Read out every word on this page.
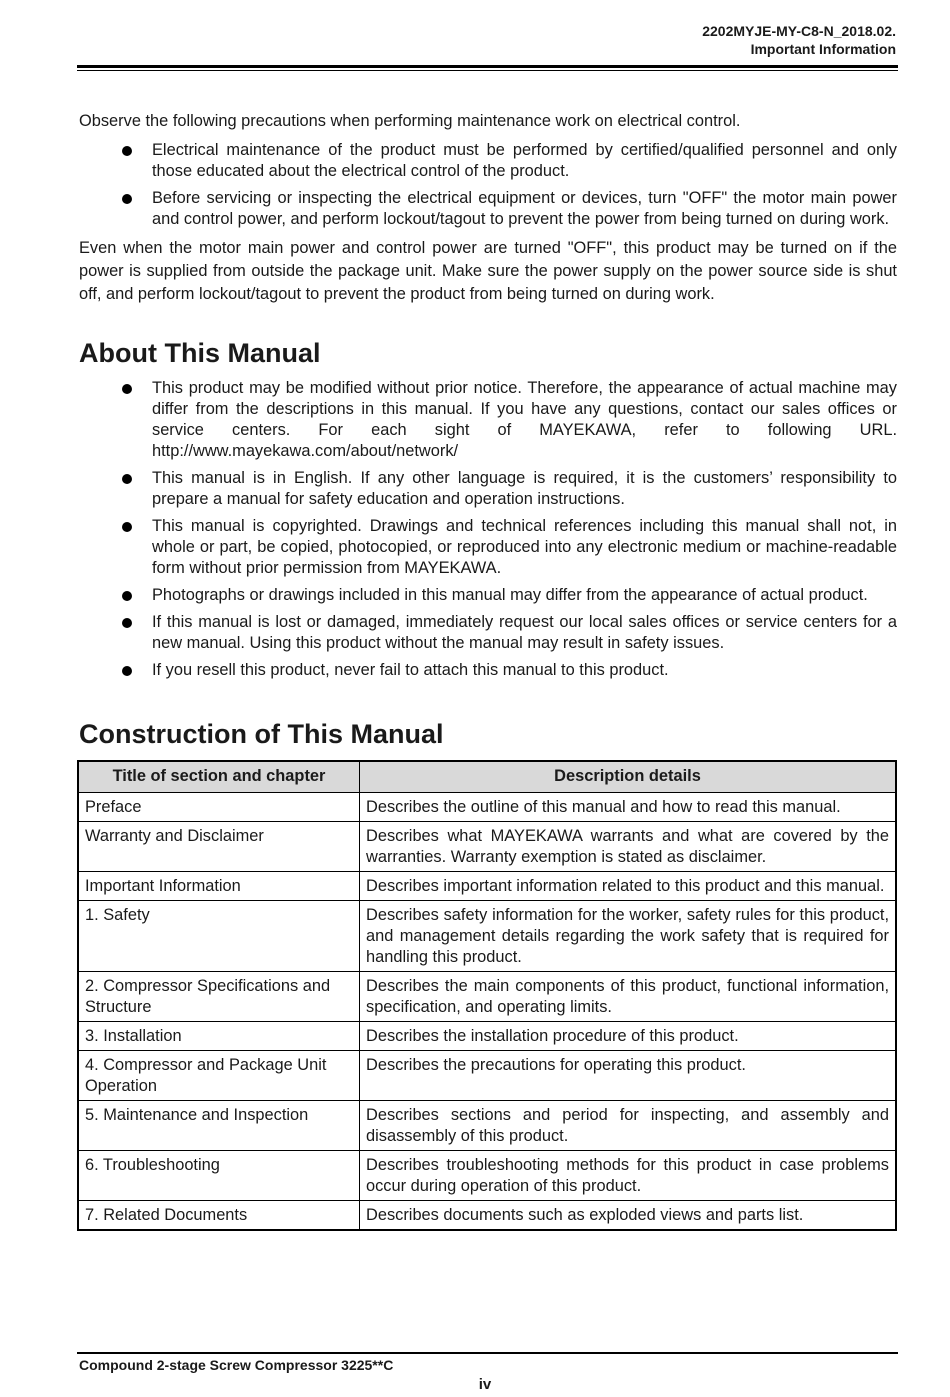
2202MYJE-MY-C8-N_2018.02.
Important Information

Observe the following precautions when performing maintenance work on electrical control.

Electrical maintenance of the product must be performed by certified/qualified personnel and only those educated about the electrical control of the product.
Before servicing or inspecting the electrical equipment or devices, turn "OFF" the motor main power and control power, and perform lockout/tagout to prevent the power from being turned on during work.

Even when the motor main power and control power are turned "OFF", this product may be turned on if the power is supplied from outside the package unit. Make sure the power supply on the power source side is shut off, and perform lockout/tagout to prevent the product from being turned on during work.

About This Manual
This product may be modified without prior notice. Therefore, the appearance of actual machine may differ from the descriptions in this manual. If you have any questions, contact our sales offices or service centers. For each sight of MAYEKAWA, refer to following URL. http://www.mayekawa.com/about/network/
This manual is in English. If any other language is required, it is the customers’ responsibility to prepare a manual for safety education and operation instructions.
This manual is copyrighted. Drawings and technical references including this manual shall not, in whole or part, be copied, photocopied, or reproduced into any electronic medium or machine-readable form without prior permission from MAYEKAWA.
Photographs or drawings included in this manual may differ from the appearance of actual product.
If this manual is lost or damaged, immediately request our local sales offices or service centers for a new manual. Using this product without the manual may result in safety issues.
If you resell this product, never fail to attach this manual to this product.
Construction of This Manual
Title of section and chapter	Description details
Preface	Describes the outline of this manual and how to read this manual.
Warranty and Disclaimer	Describes what MAYEKAWA warrants and what are covered by the warranties. Warranty exemption is stated as disclaimer.
Important Information	Describes important information related to this product and this manual.
1. Safety	Describes safety information for the worker, safety rules for this product, and management details regarding the work safety that is required for handling this product.
2. Compressor Specifications and Structure	Describes the main components of this product, functional information, specification, and operating limits.
3. Installation	Describes the installation procedure of this product.
4. Compressor and Package Unit Operation	Describes the precautions for operating this product.
5. Maintenance and Inspection	Describes sections and period for inspecting, and assembly and disassembly of this product.
6. Troubleshooting	Describes troubleshooting methods for this product in case problems occur during operation of this product.
7. Related Documents	Describes documents such as exploded views and parts list.
Compound 2-stage Screw Compressor 3225**C
iv
